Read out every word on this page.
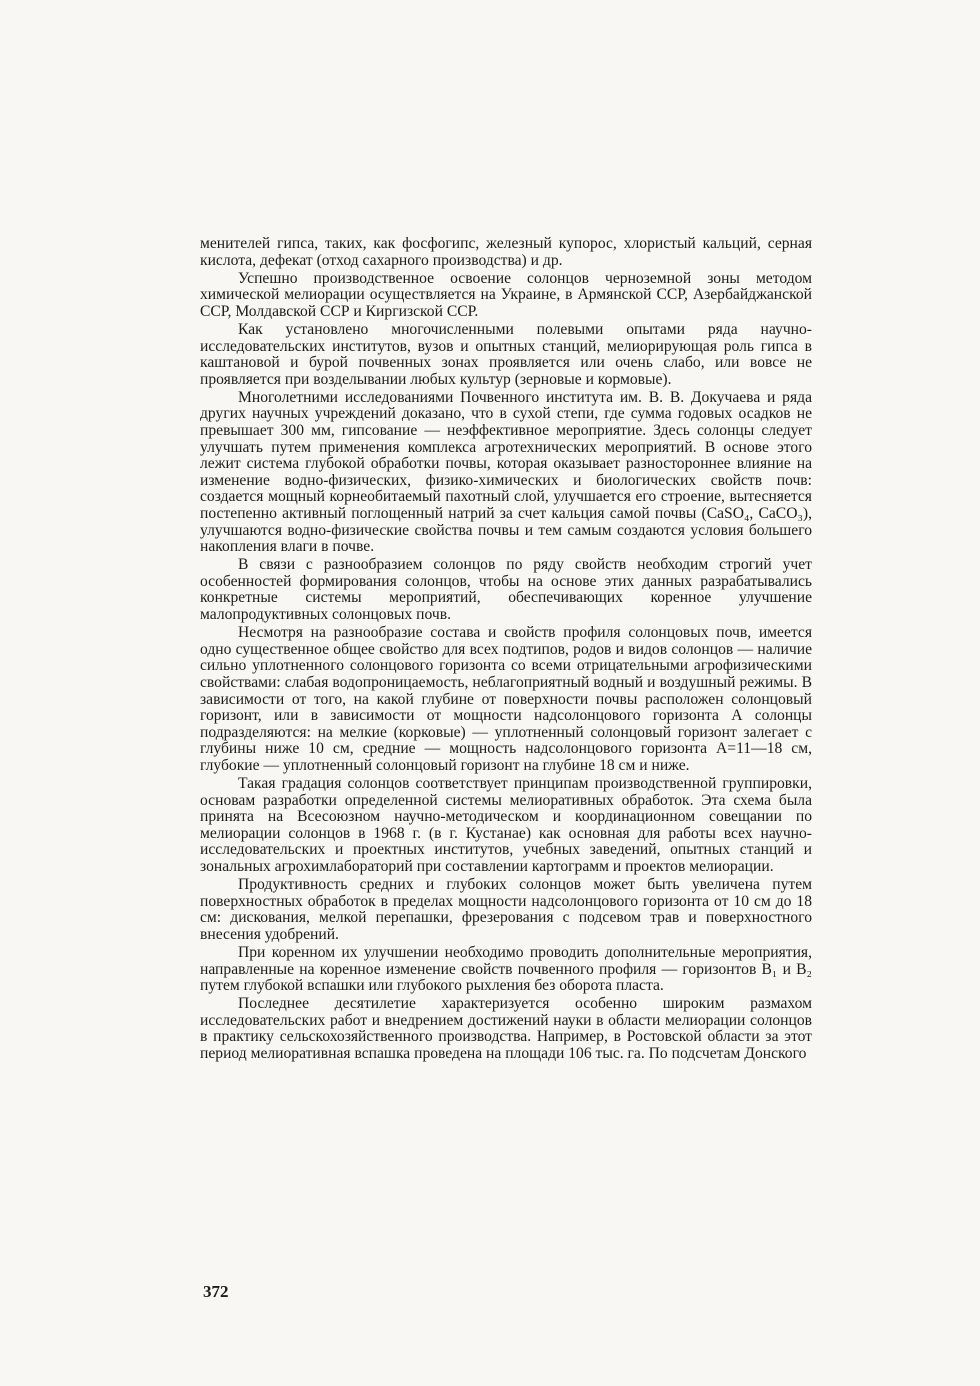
менителей гипса, таких, как фосфогипс, железный купорос, хлористый кальций, серная кислота, дефекат (отход сахарного производства) и др.

Успешно производственное освоение солонцов черноземной зоны методом химической мелиорации осуществляется на Украине, в Армянской ССР, Азербайджанской ССР, Молдавской ССР и Киргизской ССР.

Как установлено многочисленными полевыми опытами ряда научно-исследовательских институтов, вузов и опытных станций, мелиорирующая роль гипса в каштановой и бурой почвенных зонах проявляется или очень слабо, или вовсе не проявляется при возделывании любых культур (зерновые и кормовые).

Многолетними исследованиями Почвенного института им. В. В. Докучаева и ряда других научных учреждений доказано, что в сухой степи, где сумма годовых осадков не превышает 300 мм, гипсование — неэффективное мероприятие. Здесь солонцы следует улучшать путем применения комплекса агротехнических мероприятий. В основе этого лежит система глубокой обработки почвы, которая оказывает разностороннее влияние на изменение водно-физических, физико-химических и биологических свойств почв: создается мощный корнеобитаемый пахотный слой, улучшается его строение, вытесняется постепенно активный поглощенный натрий за счет кальция самой почвы (CaSO₄, CaCO₃), улучшаются водно-физические свойства почвы и тем самым создаются условия большего накопления влаги в почве.

В связи с разнообразием солонцов по ряду свойств необходим строгий учет особенностей формирования солонцов, чтобы на основе этих данных разрабатывались конкретные системы мероприятий, обеспечивающих коренное улучшение малопродуктивных солонцовых почв.

Несмотря на разнообразие состава и свойств профиля солонцовых почв, имеется одно существенное общее свойство для всех подтипов, родов и видов солонцов — наличие сильно уплотненного солонцового горизонта со всеми отрицательными агрофизическими свойствами: слабая водопроницаемость, неблагоприятный водный и воздушный режимы. В зависимости от того, на какой глубине от поверхности почвы расположен солонцовый горизонт, или в зависимости от мощности надсолонцового горизонта А солонцы подразделяются: на мелкие (корковые) — уплотненный солонцовый горизонт залегает с глубины ниже 10 см, средние — мощность надсолонцового горизонта А=11—18 см, глубокие — уплотненный солонцовый горизонт на глубине 18 см и ниже.

Такая градация солонцов соответствует принципам производственной группировки, основам разработки определенной системы мелиоративных обработок. Эта схема была принята на Всесоюзном научно-методическом и координационном совещании по мелиорации солонцов в 1968 г. (в г. Кустанае) как основная для работы всех научно-исследовательских и проектных институтов, учебных заведений, опытных станций и зональных агрохимлабораторий при составлении картограмм и проектов мелиорации.

Продуктивность средних и глубоких солонцов может быть увеличена путем поверхностных обработок в пределах мощности надсолонцового горизонта от 10 см до 18 см: дискования, мелкой перепашки, фрезерования с подсевом трав и поверхностного внесения удобрений.

При коренном их улучшении необходимо проводить дополнительные мероприятия, направленные на коренное изменение свойств почвенного профиля — горизонтов B₁ и B₂ путем глубокой вспашки или глубокого рыхления без оборота пласта.

Последнее десятилетие характеризуется особенно широким размахом исследовательских работ и внедрением достижений науки в области мелиорации солонцов в практику сельскохозяйственного производства. Например, в Ростовской области за этот период мелиоративная вспашка проведена на площади 106 тыс. га. По подсчетам Донского

372
